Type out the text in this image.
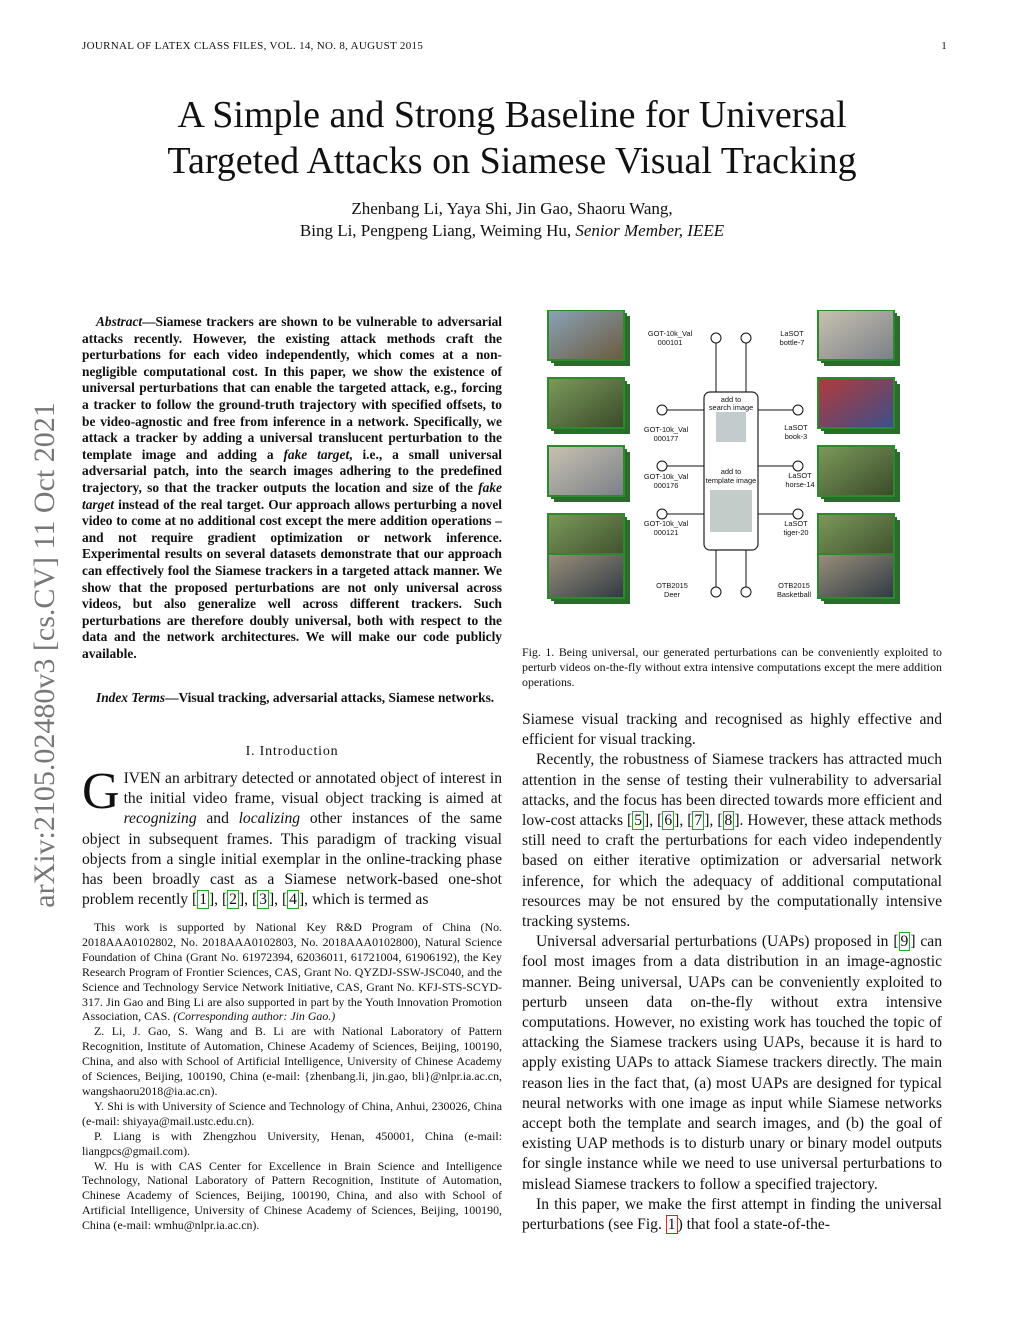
JOURNAL OF LATEX CLASS FILES, VOL. 14, NO. 8, AUGUST 2015	1
A Simple and Strong Baseline for Universal
Targeted Attacks on Siamese Visual Tracking
Zhenbang Li, Yaya Shi, Jin Gao, Shaoru Wang,
Bing Li, Pengpeng Liang, Weiming Hu, Senior Member, IEEE
arXiv:2105.02480v3 [cs.CV] 11 Oct 2021
Abstract—Siamese trackers are shown to be vulnerable to adversarial attacks recently. However, the existing attack methods craft the perturbations for each video independently, which comes at a non-negligible computational cost. In this paper, we show the existence of universal perturbations that can enable the targeted attack, e.g., forcing a tracker to follow the ground-truth trajectory with specified offsets, to be video-agnostic and free from inference in a network. Specifically, we attack a tracker by adding a universal translucent perturbation to the template image and adding a fake target, i.e., a small universal adversarial patch, into the search images adhering to the predefined trajectory, so that the tracker outputs the location and size of the fake target instead of the real target. Our approach allows perturbing a novel video to come at no additional cost except the mere addition operations – and not require gradient optimization or network inference. Experimental results on several datasets demonstrate that our approach can effectively fool the Siamese trackers in a targeted attack manner. We show that the proposed perturbations are not only universal across videos, but also generalize well across different trackers. Such perturbations are therefore doubly universal, both with respect to the data and the network architectures. We will make our code publicly available.
Index Terms—Visual tracking, adversarial attacks, Siamese networks.
I. Introduction
GIVEN an arbitrary detected or annotated object of interest in the initial video frame, visual object tracking is aimed at recognizing and localizing other instances of the same object in subsequent frames. This paradigm of tracking visual objects from a single initial exemplar in the online-tracking phase has been broadly cast as a Siamese network-based one-shot problem recently [ 1 ], [ 2 ], [ 3 ], [ 4 ], which is termed as

This work is supported by National Key R&D Program of China (No. 2018AAA0102802, No. 2018AAA0102803, No. 2018AAA0102800), Natural Science Foundation of China (Grant No. 61972394, 62036011, 61721004, 61906192), the Key Research Program of Frontier Sciences, CAS, Grant No. QYZDJ-SSW-JSC040, and the Science and Technology Service Network Initiative, CAS, Grant No. KFJ-STS-SCYD-317. Jin Gao and Bing Li are also supported in part by the Youth Innovation Promotion Association, CAS. (Corresponding author: Jin Gao.)

Z. Li, J. Gao, S. Wang and B. Li are with National Laboratory of Pattern Recognition, Institute of Automation, Chinese Academy of Sciences, Beijing, 100190, China, and also with School of Artificial Intelligence, University of Chinese Academy of Sciences, Beijing, 100190, China (e-mail: {zhenbang.li, jin.gao, bli}@nlpr.ia.ac.cn, wangshaoru2018@ia.ac.cn).

Y. Shi is with University of Science and Technology of China, Anhui, 230026, China (e-mail: shiyaya@mail.ustc.edu.cn).

P. Liang is with Zhengzhou University, Henan, 450001, China (e-mail: liangpcs@gmail.com).

W. Hu is with CAS Center for Excellence in Brain Science and Intelligence Technology, National Laboratory of Pattern Recognition, Institute of Automation, Chinese Academy of Sciences, Beijing, 100190, China, and also with School of Artificial Intelligence, University of Chinese Academy of Sciences, Beijing, 100190, China (e-mail: wmhu@nlpr.ia.ac.cn).

GOT-10k_Val
000101
GOT-10k_Val
000177
GOT-10k_Val
000176
GOT-10k_Val
000121
OTB2015
Deer
LaSOT
bottle-7
LaSOT
book-3
LaSOT
horse-14
LaSOT
tiger-20
OTB2015
Basketball
add to
search image
add to
template image
Fig. 1. Being universal, our generated perturbations can be conveniently exploited to perturb videos on-the-fly without extra intensive computations except the mere addition operations.

Siamese visual tracking and recognised as highly effective and efficient for visual tracking.

Recently, the robustness of Siamese trackers has attracted much attention in the sense of testing their vulnerability to adversarial attacks, and the focus has been directed towards more efficient and low-cost attacks [ 5 ], [ 6 ], [ 7 ], [ 8 ]. However, these attack methods still need to craft the perturbations for each video independently based on either iterative optimization or adversarial network inference, for which the adequacy of additional computational resources may be not ensured by the computationally intensive tracking systems.

Universal adversarial perturbations (UAPs) proposed in [ 9 ] can fool most images from a data distribution in an image-agnostic manner. Being universal, UAPs can be conveniently exploited to perturb unseen data on-the-fly without extra intensive computations. However, no existing work has touched the topic of attacking the Siamese trackers using UAPs, because it is hard to apply existing UAPs to attack Siamese trackers directly. The main reason lies in the fact that, (a) most UAPs are designed for typical neural networks with one image as input while Siamese networks accept both the template and search images, and (b) the goal of existing UAP methods is to disturb unary or binary model outputs for single instance while we need to use universal perturbations to mislead Siamese trackers to follow a specified trajectory.

In this paper, we make the first attempt in finding the universal perturbations (see Fig. 1 ) that fool a state-of-the-
